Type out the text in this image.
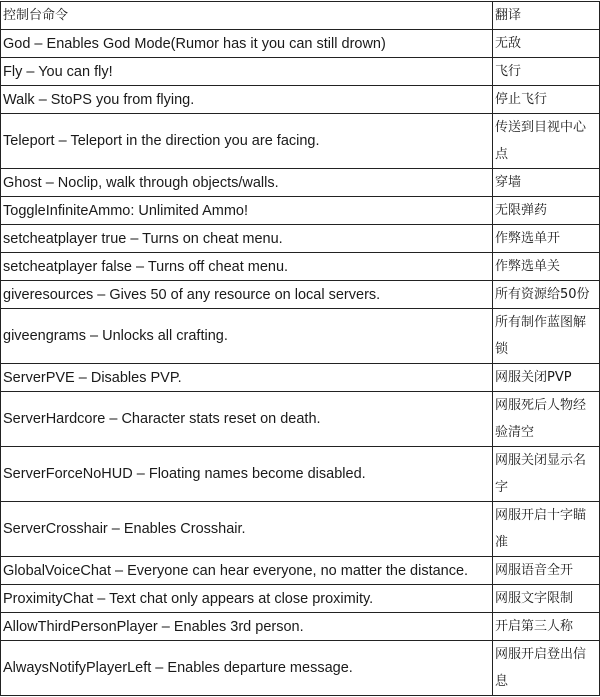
控制台命令	翻译
God – Enables God Mode(Rumor has it you can still drown)	无敌
Fly – You can fly!	飞行
Walk – StoPS you from flying.	停止飞行
Teleport – Teleport in the direction you are facing.	传送到目视中心点
Ghost – Noclip, walk through objects/walls.	穿墙
ToggleInfiniteAmmo: Unlimited Ammo!	无限弹药
setcheatplayer true – Turns on cheat menu.	作弊选单开
setcheatplayer false – Turns off cheat menu.	作弊选单关
giveresources – Gives 50 of any resource on local servers.	所有资源给50份
giveengrams – Unlocks all crafting.	所有制作蓝图解锁
ServerPVE – Disables PVP.	网服关闭PVP
ServerHardcore – Character stats reset on death.	网服死后人物经验清空
ServerForceNoHUD – Floating names become disabled.	网服关闭显示名字
ServerCrosshair – Enables Crosshair.	网服开启十字瞄准
GlobalVoiceChat – Everyone can hear everyone, no matter the distance.	网服语音全开
ProximityChat – Text chat only appears at close proximity.	网服文字限制
AllowThirdPersonPlayer – Enables 3rd person.	开启第三人称
AlwaysNotifyPlayerLeft – Enables departure message.	网服开启登出信息
